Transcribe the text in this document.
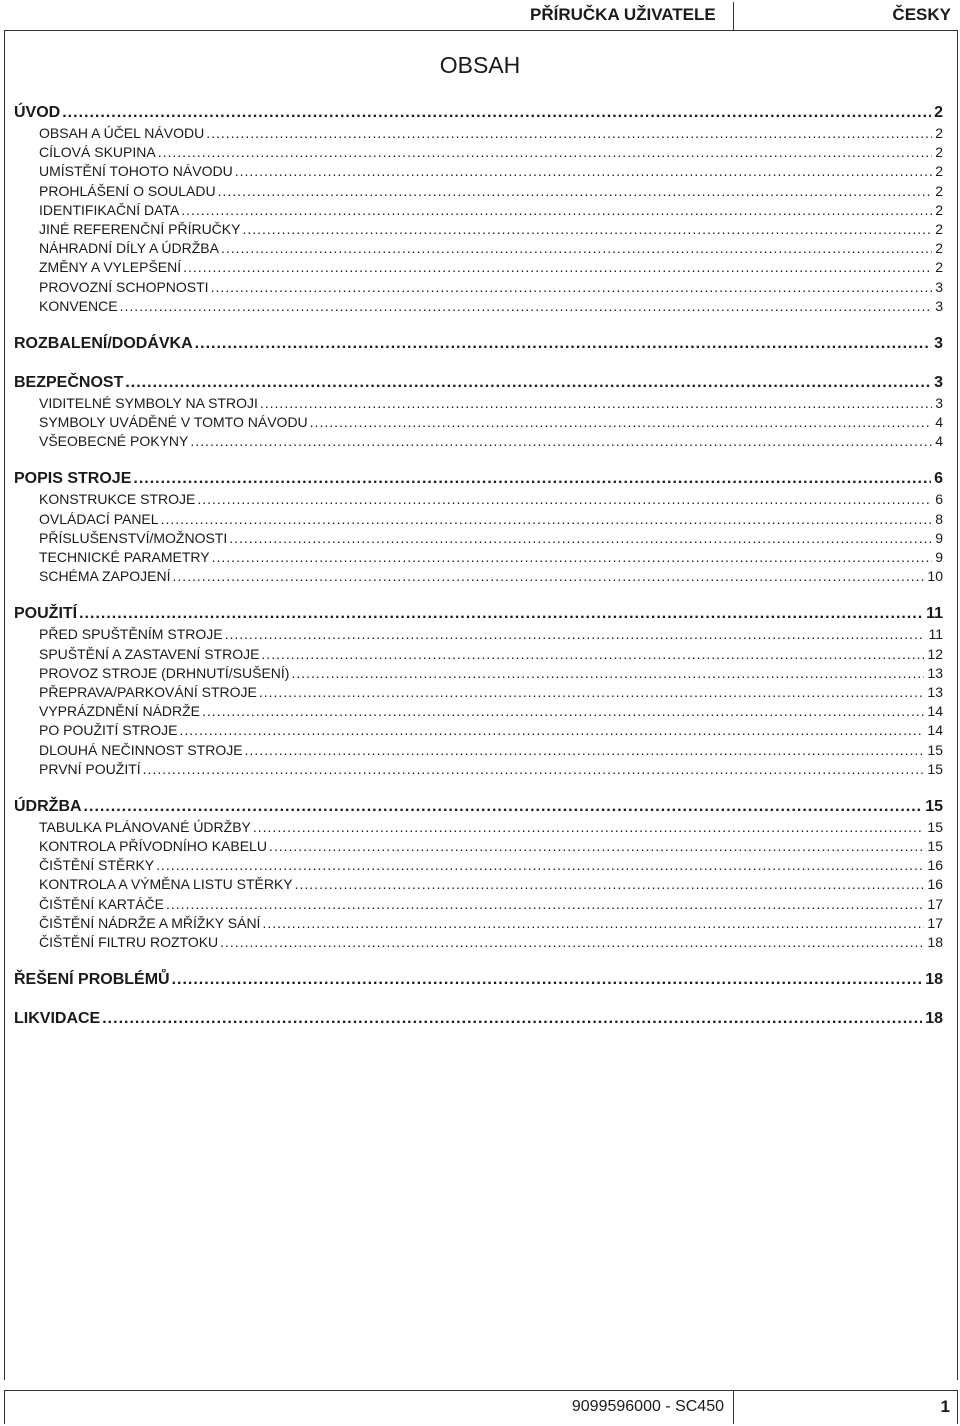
PŘÍRUČKA UŽIVATELE	ČESKY
OBSAH
ÚVOD .....	2
OBSAH A ÚČEL NÁVODU .....	2
CÍLOVÁ SKUPINA .....	2
UMÍSTĚNÍ TOHOTO NÁVODU .....	2
PROHLÁŠENÍ O SOULADU .....	2
IDENTIFIKAČNÍ DATA .....	2
JINÉ REFERENČNÍ PŘÍRUČKY .....	2
NÁHRADNÍ DÍLY A ÚDRŽBA .....	2
ZMĚNY A VYLEPŠENÍ .....	2
PROVOZNÍ SCHOPNOSTI .....	3
KONVENCE .....	3
ROZBALENÍ/DODÁVKA .....	3
BEZPEČNOST .....	3
VIDITELNÉ SYMBOLY NA STROJI .....	3
SYMBOLY UVÁDĚNÉ V TOMTO NÁVODU .....	4
VŠEOBECNÉ POKYNY .....	4
POPIS STROJE .....	6
KONSTRUKCE STROJE .....	6
OVLÁDACÍ PANEL .....	8
PŘÍSLUŠENSTVÍ/MOŽNOSTI .....	9
TECHNICKÉ PARAMETRY .....	9
SCHÉMA ZAPOJENÍ .....	10
POUŽITÍ .....	11
PŘED SPUŠTĚNÍM STROJE .....	11
SPUŠTĚNÍ A ZASTAVENÍ STROJE .....	12
PROVOZ STROJE (DRHNUTÍ/SUŠENÍ) .....	13
PŘEPRAVA/PARKOVÁNÍ STROJE .....	13
VYPRÁZDNĚNÍ NÁDRŽE .....	14
PO POUŽITÍ STROJE .....	14
DLOUHÁ NEČINNOST STROJE .....	15
PRVNÍ POUŽITÍ .....	15
ÚDRŽBA .....	15
TABULKA PLÁNOVANÉ ÚDRŽBY .....	15
KONTROLA PŘÍVODNÍHO KABELU .....	15
ČIŠTĚNÍ STĚRKY .....	16
KONTROLA A VÝMĚNA LISTU STĚRKY .....	16
ČIŠTĚNÍ KARTÁČE .....	17
ČIŠTĚNÍ NÁDRŽE A MŘÍŽKY SÁNÍ .....	17
ČIŠTĚNÍ FILTRU ROZTOKU .....	18
ŘEŠENÍ PROBLÉMŮ .....	18
LIKVIDACE .....	18
9099596000 - SC450	1
